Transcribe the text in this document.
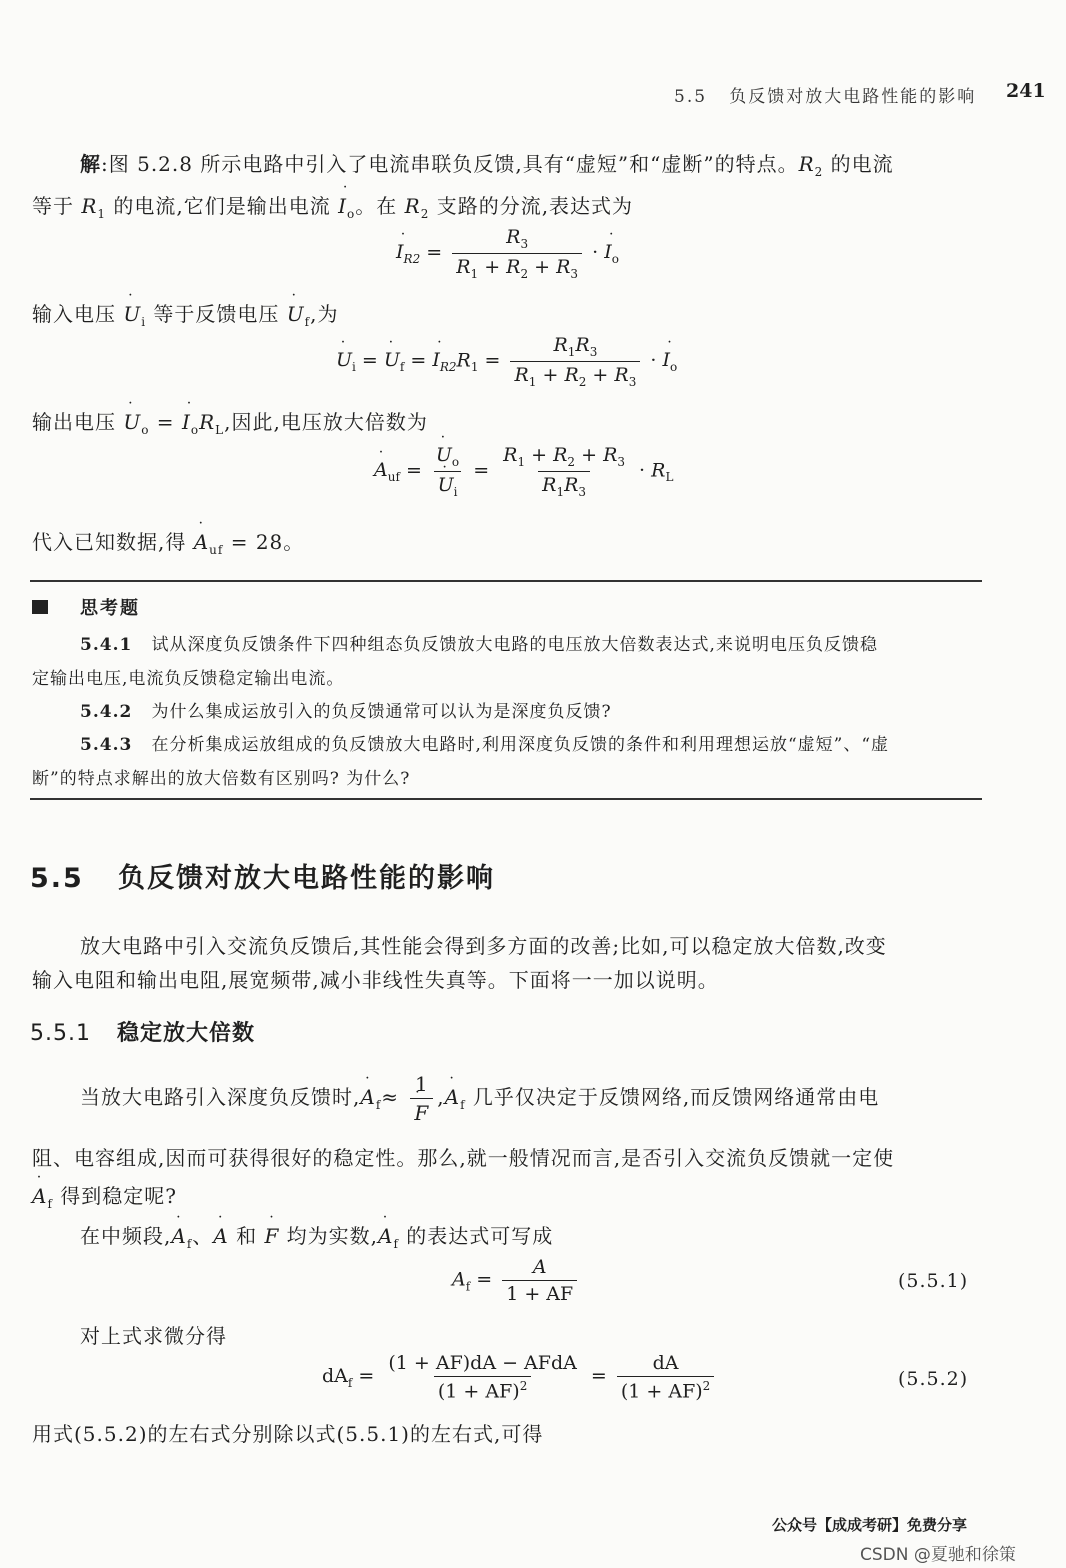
5.5 负反馈对放大电路性能的影响 241
解:图 5.2.8 所示电路中引入了电流串联负反馈,具有“虚短”和“虚断”的特点。$R_2$ 的电流
等于 $R_1$ 的电流,它们是输出电流 ˙ $I_o$。在 $R_2$ 支路的分流,表达式为
˙ $I_{R2} = \frac{R_3}{R_1 + R_2 + R_3}$ · ˙ $I_o$
输入电压 ˙ $U_i$ 等于反馈电压 ˙ $U_f$,为
˙ $U_i$ = ˙ $U_f$ = ˙ $I_{R2}R_1 = \frac{R_1R_3}{R_1 + R_2 + R_3}$ · ˙ $I_o$
输出电压 ˙ $U_o$ = ˙ $I_oR_L$,因此,电压放大倍数为
˙ $A_{uf}$ =
˙ $U_o$
˙ $U_i = \frac{R_1 + R_2 + R_3}{R_1R_3} \cdot R_L$
代入已知数据,得 ˙ $A_{uf} = 28$。
思考题
5.4.1 试从深度负反馈条件下四种组态负反馈放大电路的电压放大倍数表达式,来说明电压负反馈稳
定输出电压,电流负反馈稳定输出电流。
5.4.2 为什么集成运放引入的负反馈通常可以认为是深度负反馈?
5.4.3 在分析集成运放组成的负反馈放大电路时,利用深度负反馈的条件和利用理想运放“虚短”、“虚
断”的特点求解出的放大倍数有区别吗? 为什么?
5.5 负反馈对放大电路性能的影响
放大电路中引入交流负反馈后,其性能会得到多方面的改善;比如,可以稳定放大倍数,改变
输入电阻和输出电阻,展宽频带,减小非线性失真等。下面将一一加以说明。
5.5.1 稳定放大倍数
当放大电路引入深度负反馈时,˙ $A_f\approx 1$
˙ F ,˙ $A_f$ 几乎仅决定于反馈网络,而反馈网络通常由电
阻、电容组成,因而可获得很好的稳定性。那么,就一般情况而言,是否引入交流负反馈就一定使
˙ $A_f$ 得到稳定呢?
在中频段,˙ $A_f$、˙ A 和 ˙ F 均为实数,˙ $A_f$ 的表达式可写成
$A_f = \frac{A}{1 + AF}$	(5.5.1)
对上式求微分得
$dA_f = \frac{\text{(1 + AF)dA − AFdA}}{(1 + AF)^2} = \frac{dA}{(1 + AF)^2}$	(5.5.2)
用式(5.5.2)的左右式分别除以式(5.5.1)的左右式,可得
公众号【成成考研】免费分享
CSDN @夏驰和徐策
